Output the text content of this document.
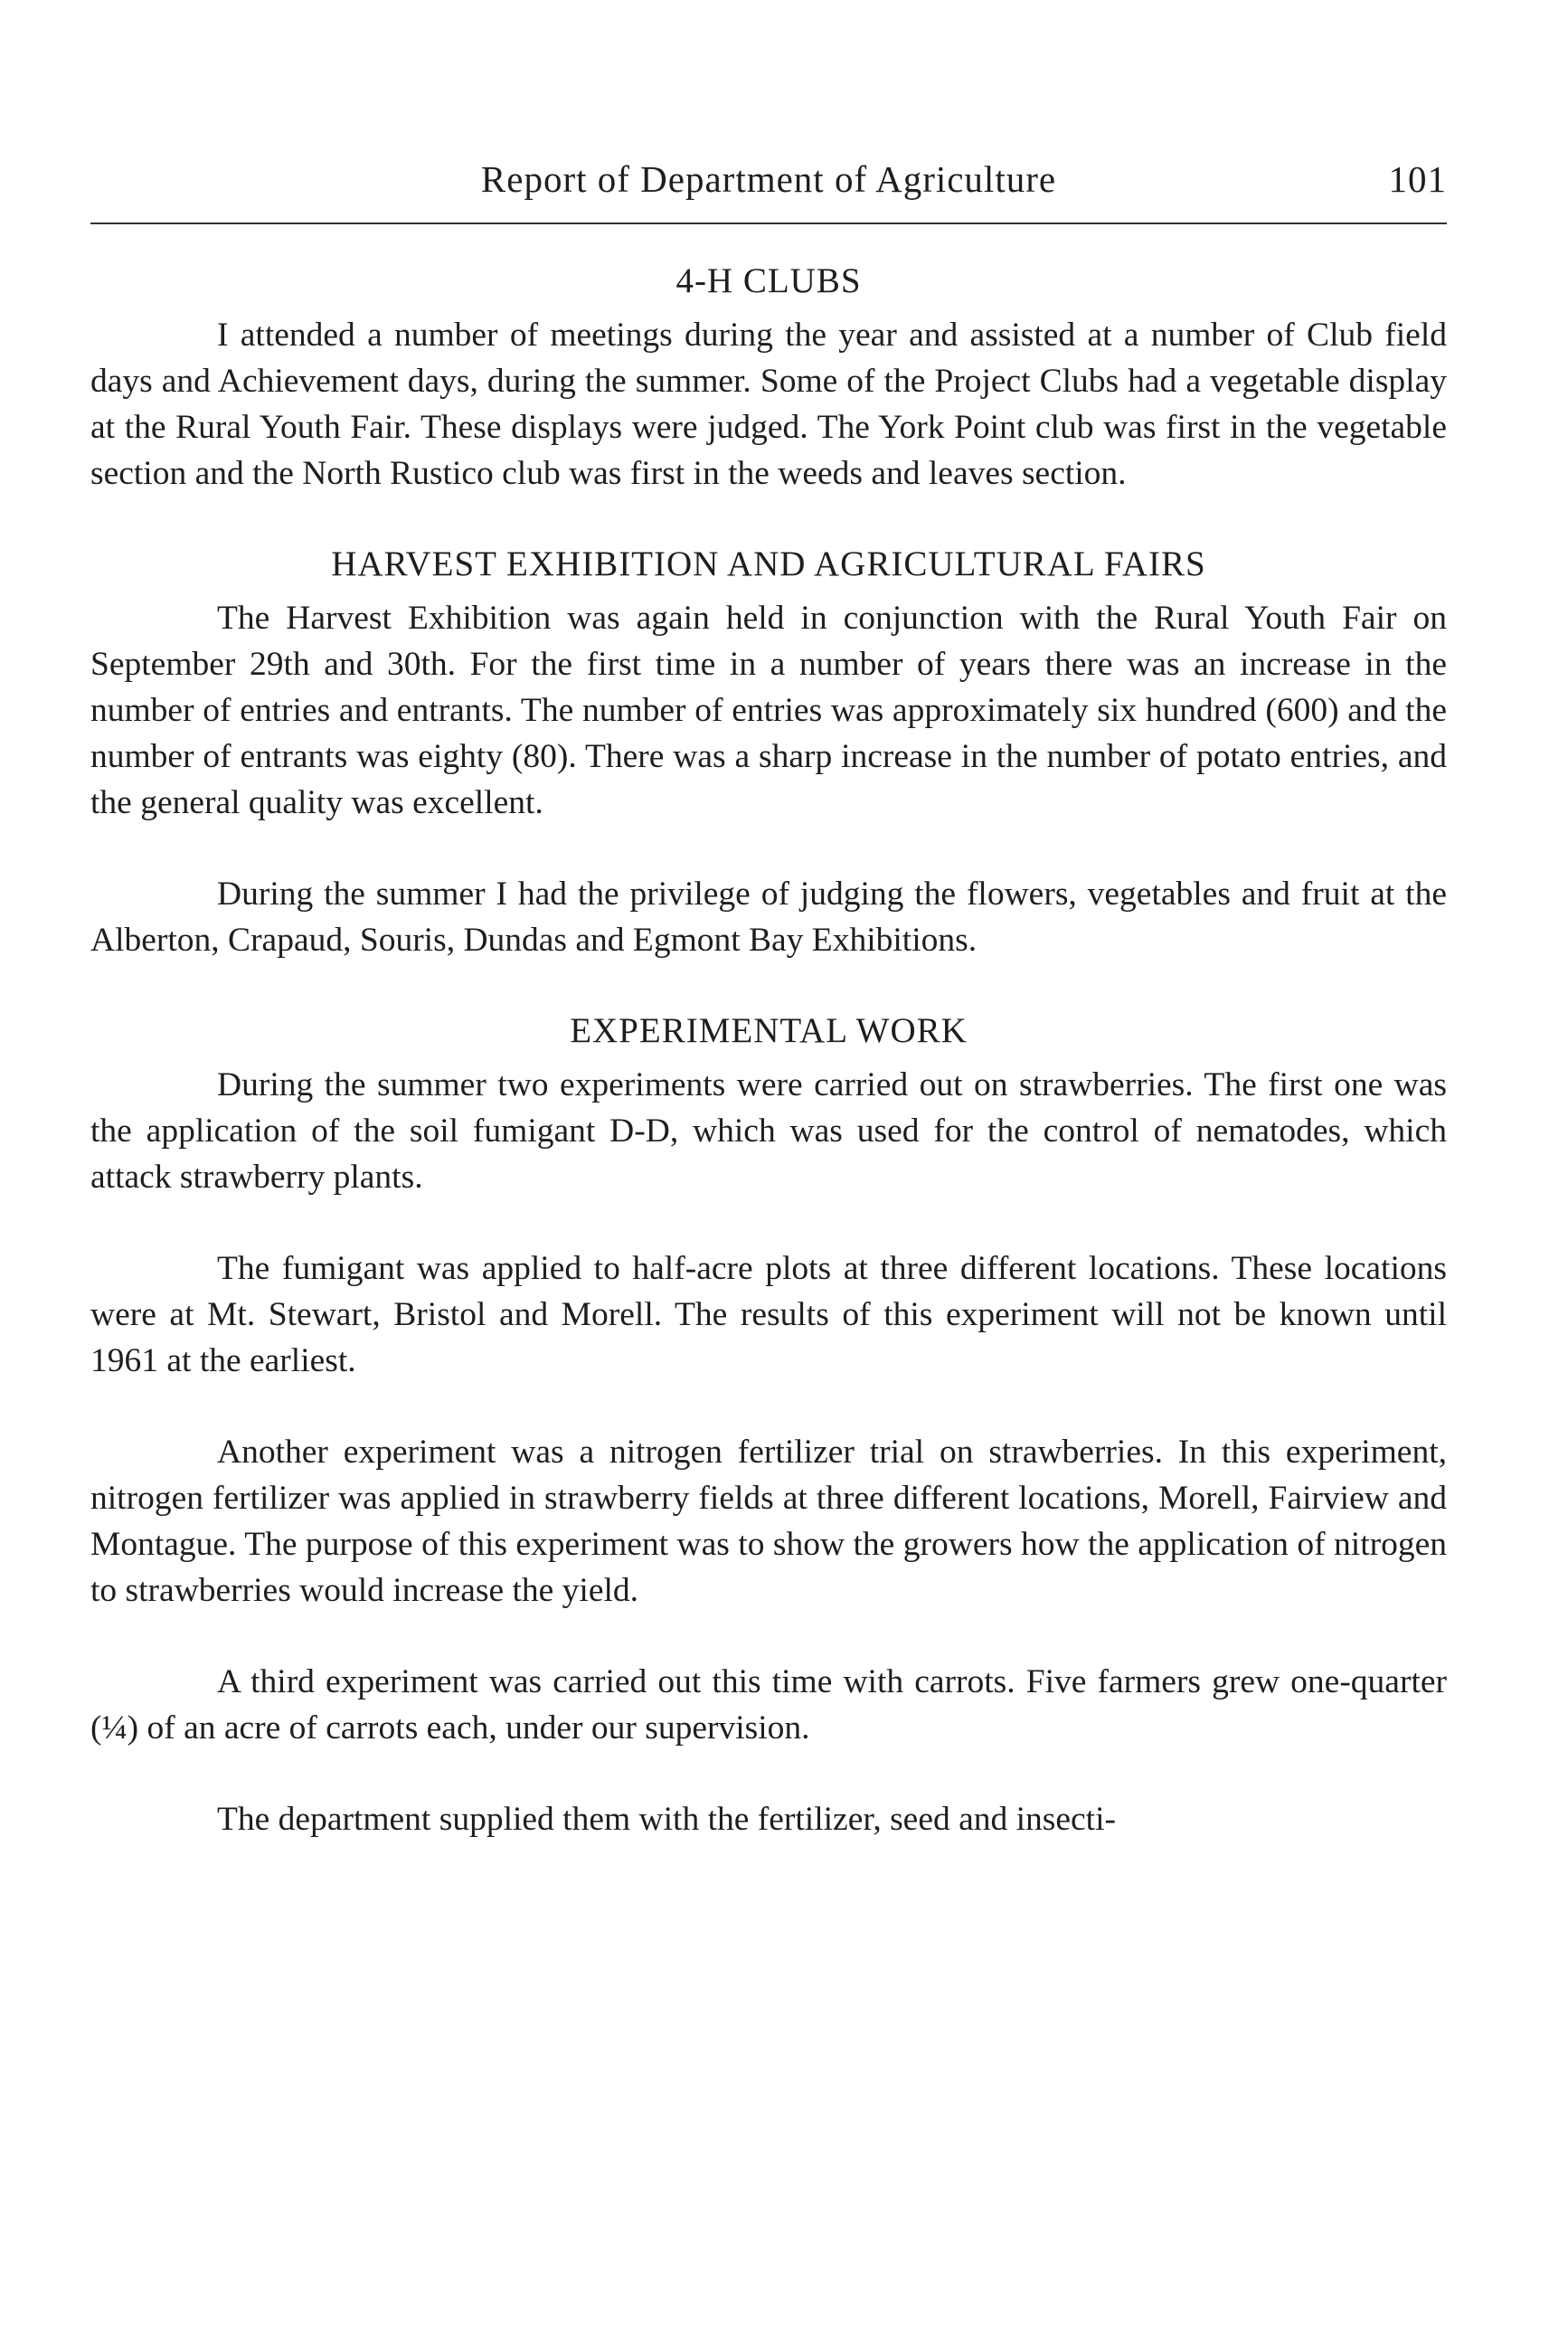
Report of Department of Agriculture	101
4-H CLUBS

I attended a number of meetings during the year and assisted at a number of Club field days and Achievement days, during the summer. Some of the Project Clubs had a vegetable display at the Rural Youth Fair. These displays were judged. The York Point club was first in the vegetable section and the North Rustico club was first in the weeds and leaves section.

HARVEST EXHIBITION AND AGRICULTURAL FAIRS

The Harvest Exhibition was again held in conjunction with the Rural Youth Fair on September 29th and 30th. For the first time in a number of years there was an increase in the number of entries and entrants. The number of entries was approximately six hundred (600) and the number of entrants was eighty (80). There was a sharp increase in the number of potato entries, and the general quality was excellent.

During the summer I had the privilege of judging the flowers, vegetables and fruit at the Alberton, Crapaud, Souris, Dundas and Egmont Bay Exhibitions.

EXPERIMENTAL WORK

During the summer two experiments were carried out on strawberries. The first one was the application of the soil fumigant D-D, which was used for the control of nematodes, which attack strawberry plants.

The fumigant was applied to half-acre plots at three different locations. These locations were at Mt. Stewart, Bristol and Morell. The results of this experiment will not be known until 1961 at the earliest.

Another experiment was a nitrogen fertilizer trial on strawberries. In this experiment, nitrogen fertilizer was applied in strawberry fields at three different locations, Morell, Fairview and Montague. The purpose of this experiment was to show the growers how the application of nitrogen to strawberries would increase the yield.

A third experiment was carried out this time with carrots. Five farmers grew one-quarter (¼) of an acre of carrots each, under our supervision.

The department supplied them with the fertilizer, seed and insecti-
